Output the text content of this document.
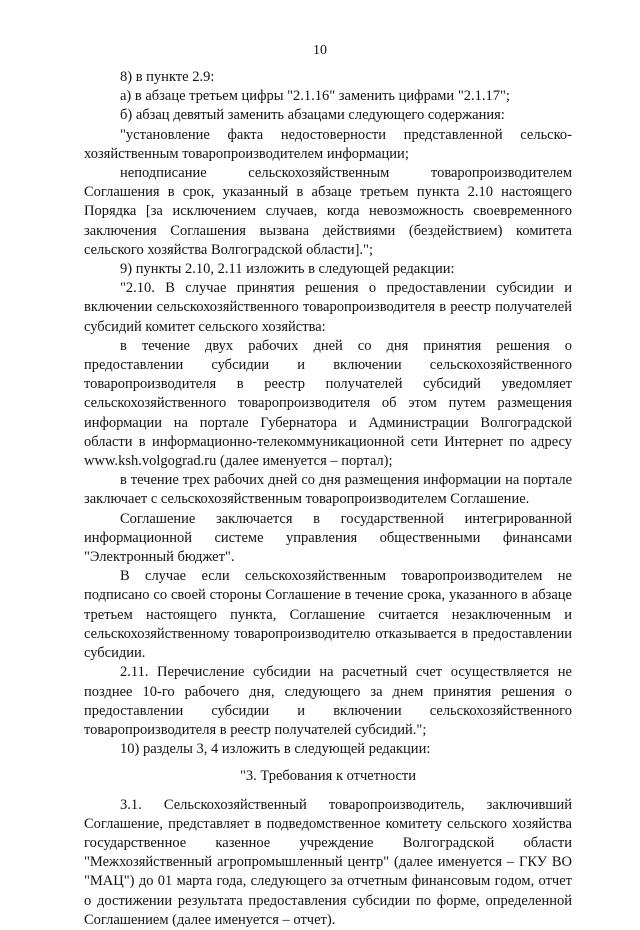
10

8) в пункте 2.9:

а) в абзаце третьем цифры "2.1.16" заменить цифрами "2.1.17";

б) абзац девятый заменить абзацами следующего содержания:

"установление факта недостоверности представленной сельско-хозяйственным товаропроизводителем информации;

неподписание сельскохозяйственным товаропроизводителем Соглашения в срок, указанный в абзаце третьем пункта 2.10 настоящего Порядка [за исключением случаев, когда невозможность своевременного заключения Соглашения вызвана действиями (бездействием) комитета сельского хозяйства Волгоградской области].";

9) пункты 2.10, 2.11 изложить в следующей редакции:

"2.10. В случае принятия решения о предоставлении субсидии и включении сельскохозяйственного товаропроизводителя в реестр получателей субсидий комитет сельского хозяйства:

в течение двух рабочих дней со дня принятия решения о предоставлении субсидии и включении сельскохозяйственного товаропроизводителя в реестр получателей субсидий уведомляет сельскохозяйственного товаропроизводителя об этом путем размещения информации на портале Губернатора и Администрации Волгоградской области в информационно-телекоммуникационной сети Интернет по адресу www.ksh.volgograd.ru (далее именуется – портал);

в течение трех рабочих дней со дня размещения информации на портале заключает с сельскохозяйственным товаропроизводителем Соглашение.

Соглашение заключается в государственной интегрированной информационной системе управления общественными финансами "Электронный бюджет".

В случае если сельскохозяйственным товаропроизводителем не подписано со своей стороны Соглашение в течение срока, указанного в абзаце третьем настоящего пункта, Соглашение считается незаключенным и сельскохозяйственному товаропроизводителю отказывается в предоставлении субсидии.

2.11. Перечисление субсидии на расчетный счет осуществляется не позднее 10-го рабочего дня, следующего за днем принятия решения о предоставлении субсидии и включении сельскохозяйственного товаропроизводителя в реестр получателей субсидий.";

10) разделы 3, 4 изложить в следующей редакции:

"3. Требования к отчетности

3.1. Сельскохозяйственный товаропроизводитель, заключивший Соглашение, представляет в подведомственное комитету сельского хозяйства государственное казенное учреждение Волгоградской области "Межхозяйственный агропромышленный центр" (далее именуется – ГКУ ВО "МАЦ") до 01 марта года, следующего за отчетным финансовым годом, отчет о достижении результата предоставления субсидии по форме, определенной Соглашением (далее именуется – отчет).
